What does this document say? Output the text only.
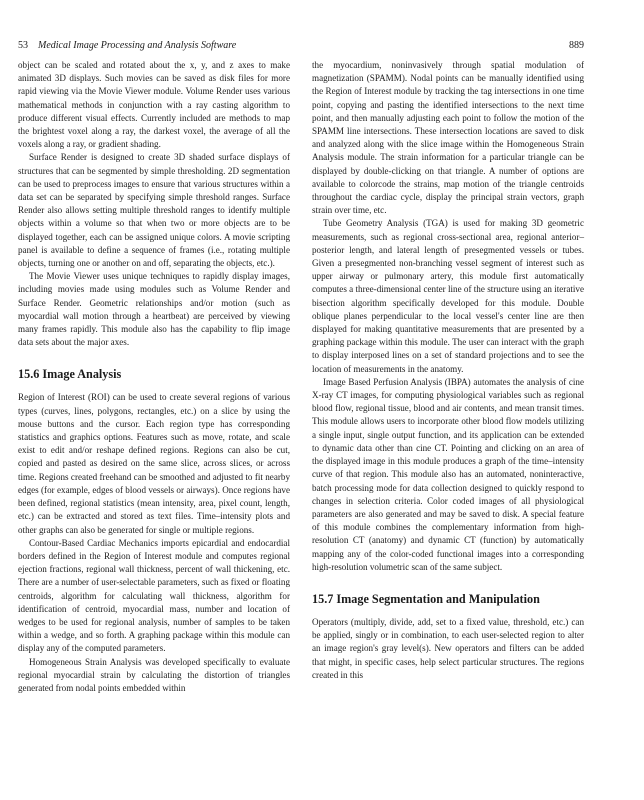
53 Medical Image Processing and Analysis Software	889

object can be scaled and rotated about the x, y, and z axes to make animated 3D displays. Such movies can be saved as disk files for more rapid viewing via the Movie Viewer module. Volume Render uses various mathematical methods in conjunction with a ray casting algorithm to produce different visual effects. Currently included are methods to map the brightest voxel along a ray, the darkest voxel, the average of all the voxels along a ray, or gradient shading.

Surface Render is designed to create 3D shaded surface displays of structures that can be segmented by simple thresholding. 2D segmentation can be used to preprocess images to ensure that various structures within a data set can be separated by specifying simple threshold ranges. Surface Render also allows setting multiple threshold ranges to identify multiple objects within a volume so that when two or more objects are to be displayed together, each can be assigned unique colors. A movie scripting panel is available to define a sequence of frames (i.e., rotating multiple objects, turning one or another on and off, separating the objects, etc.).

The Movie Viewer uses unique techniques to rapidly display images, including movies made using modules such as Volume Render and Surface Render. Geometric relationships and/or motion (such as myocardial wall motion through a heartbeat) are perceived by viewing many frames rapidly. This module also has the capability to flip image data sets about the major axes.

15.6 Image Analysis

Region of Interest (ROI) can be used to create several regions of various types (curves, lines, polygons, rectangles, etc.) on a slice by using the mouse buttons and the cursor. Each region type has corresponding statistics and graphics options. Features such as move, rotate, and scale exist to edit and/or reshape defined regions. Regions can also be cut, copied and pasted as desired on the same slice, across slices, or across time. Regions created freehand can be smoothed and adjusted to fit nearby edges (for example, edges of blood vessels or airways). Once regions have been defined, regional statistics (mean intensity, area, pixel count, length, etc.) can be extracted and stored as text files. Time–intensity plots and other graphs can also be generated for single or multiple regions.

Contour-Based Cardiac Mechanics imports epicardial and endocardial borders defined in the Region of Interest module and computes regional ejection fractions, regional wall thickness, percent of wall thickening, etc. There are a number of user-selectable parameters, such as fixed or floating centroids, algorithm for calculating wall thickness, algorithm for identification of centroid, myocardial mass, number and location of wedges to be used for regional analysis, number of samples to be taken within a wedge, and so forth. A graphing package within this module can display any of the computed parameters.

Homogeneous Strain Analysis was developed specifically to evaluate regional myocardial strain by calculating the distortion of triangles generated from nodal points embedded within

the myocardium, noninvasively through spatial modulation of magnetization (SPAMM). Nodal points can be manually identified using the Region of Interest module by tracking the tag intersections in one time point, copying and pasting the identified intersections to the next time point, and then manually adjusting each point to follow the motion of the SPAMM line intersections. These intersection locations are saved to disk and analyzed along with the slice image within the Homogeneous Strain Analysis module. The strain information for a particular triangle can be displayed by double-clicking on that triangle. A number of options are available to colorcode the strains, map motion of the triangle centroids throughout the cardiac cycle, display the principal strain vectors, graph strain over time, etc.

Tube Geometry Analysis (TGA) is used for making 3D geometric measurements, such as regional cross-sectional area, regional anterior–posterior length, and lateral length of presegmented vessels or tubes. Given a presegmented non-branching vessel segment of interest such as upper airway or pulmonary artery, this module first automatically computes a three-dimensional center line of the structure using an iterative bisection algorithm specifically developed for this module. Double oblique planes perpendicular to the local vessel's center line are then displayed for making quantitative measurements that are presented by a graphing package within this module. The user can interact with the graph to display interposed lines on a set of standard projections and to see the location of measurements in the anatomy.

Image Based Perfusion Analysis (IBPA) automates the analysis of cine X-ray CT images, for computing physiological variables such as regional blood flow, regional tissue, blood and air contents, and mean transit times. This module allows users to incorporate other blood flow models utilizing a single input, single output function, and its application can be extended to dynamic data other than cine CT. Pointing and clicking on an area of the displayed image in this module produces a graph of the time–intensity curve of that region. This module also has an automated, noninteractive, batch processing mode for data collection designed to quickly respond to changes in selection criteria. Color coded images of all physiological parameters are also generated and may be saved to disk. A special feature of this module combines the complementary information from high-resolution CT (anatomy) and dynamic CT (function) by automatically mapping any of the color-coded functional images into a corresponding high-resolution volumetric scan of the same subject.

15.7 Image Segmentation and Manipulation

Operators (multiply, divide, add, set to a fixed value, threshold, etc.) can be applied, singly or in combination, to each user-selected region to alter an image region's gray level(s). New operators and filters can be added that might, in specific cases, help select particular structures. The regions created in this
